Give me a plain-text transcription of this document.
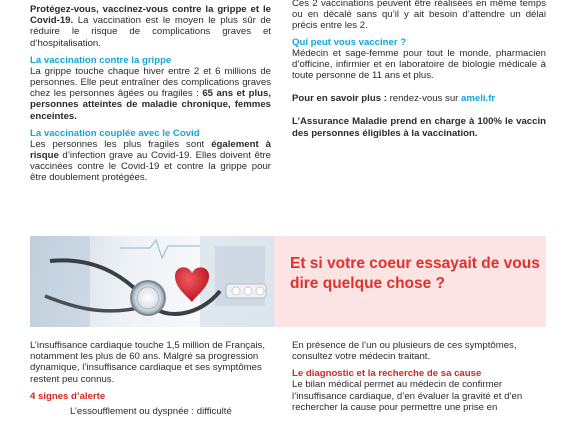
Protégez-vous, vaccinez-vous contre la grippe et le Covid-19. La vaccination est le moyen le plus sûr de réduire le risque de complications graves et d’hospitalisation.

La vaccination contre la grippe

La grippe touche chaque hiver entre 2 et 6 millions de personnes. Elle peut entraîner des complications graves chez les personnes âgées ou fragiles : 65 ans et plus, personnes atteintes de maladie chronique, femmes enceintes.

La vaccination couplée avec le Covid

Les personnes les plus fragiles sont également à risque d’infection grave au Covid-19. Elles doivent être vaccinées contre le Covid-19 et contre la grippe pour être doublement protégées.

Ces 2 vaccinations peuvent être réalisées en même temps ou en décalé sans qu’il y ait besoin d’attendre un délai précis entre les 2.

Qui peut vous vacciner ?

Médecin et sage-femme pour tout le monde, pharmacien d’officine, infirmier et en laboratoire de biologie médicale à toute personne de 11 ans et plus.

Pour en savoir plus : rendez-vous sur ameli.fr

L’Assurance Maladie prend en charge à 100% le vaccin des personnes éligibles à la vaccination.

Et si votre coeur essayait de vous dire quelque chose ?

L’insuffisance cardiaque touche 1,5 million de Français, notamment les plus de 60 ans. Malgré sa progression dynamique, l’insuffisance cardiaque et ses symptômes restent peu connus.

4 signes d’alerte

L’essoufflement ou dyspnée : difficulté

En présence de l’un ou plusieurs de ces symptômes, consultez votre médecin traitant.

Le diagnostic et la recherche de sa cause

Le bilan médical permet au médecin de confirmer l’insuffisance cardiaque, d’en évaluer la gravité et d’en rechercher la cause pour permettre une prise en
